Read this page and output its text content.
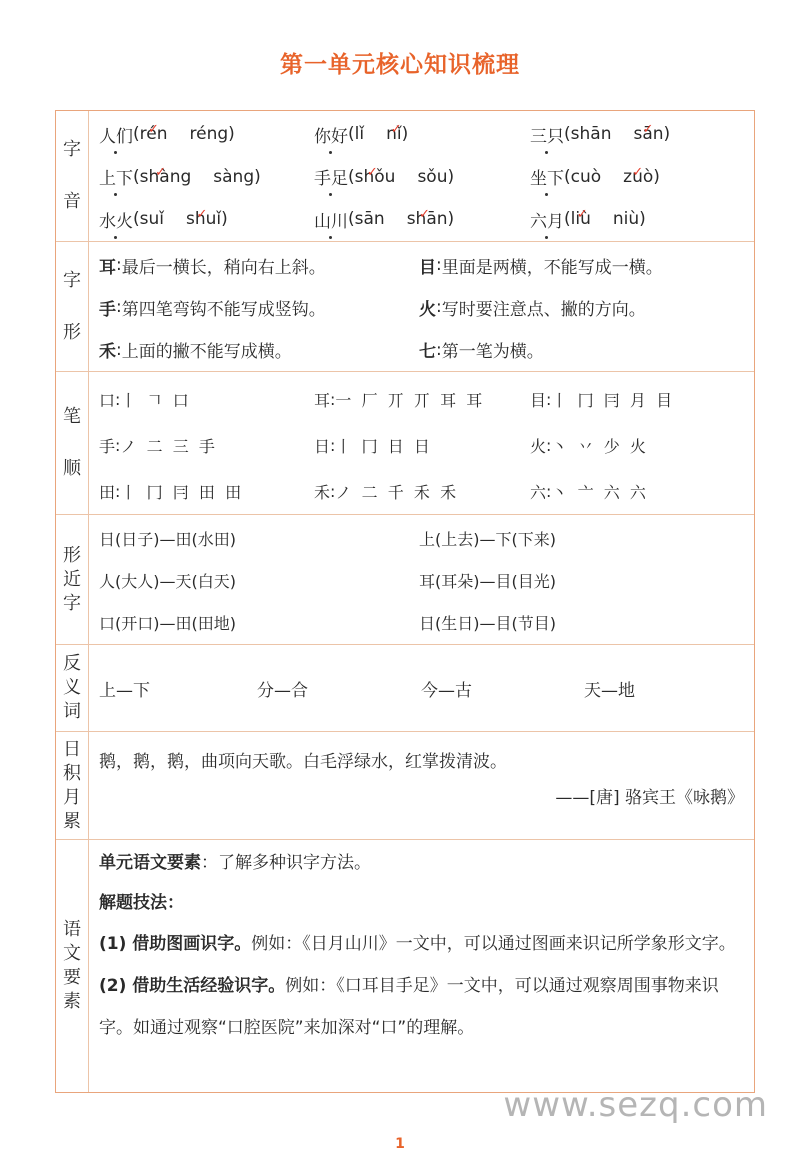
第一单元核心知识梳理
字
音
人们 ( rén ✓ réng )	你好 ( lǐ nǐ ✓ )	三只 ( shān sān ✓ )
上下 ( shàng ✓ sàng )	手足 ( shǒu ✓ sǒu )	坐下 ( cuò zuò ✓ )
水火 ( suǐ shuǐ ✓ )	山川 ( sān shān ✓ )	六月 ( liù ✓ niù )
字
形
耳 : 最后一横长，稍向右上斜。	目 : 里面是两横，不能写成一横。
手 : 第四笔弯钩不能写成竖钩。	火 : 写时要注意点、撇的方向。
禾 : 上面的撇不能写成横。	七 : 第一笔为横。
笔
顺
口 : 丨  𠃍  口	耳 : 一  厂  丌  丌  耳  耳	目 : 丨  冂  冃  月  目
手 : ノ  二  三  手	日 : 丨  冂  日  日	火 : 丶  丷  少  火
田 : 丨  冂  冃  田  田	禾 : ノ  二  千  禾  禾	六 : 丶  亠  六  六
形
近
字
日(日子)—田(水田)	上(上去)—下(下来)
人(大人)—天(白天)	耳(耳朵)—目(目光)
口(开口)—田(田地)	日(生日)—目(节目)
反
义
词
上—下	分—合	今—古	天—地
日
积
月
累
鹅，鹅，鹅，曲项向天歌。白毛浮绿水，红掌拨清波。
——[唐] 骆宾王《咏鹅》
语
文
要
素
单元语文要素：了解多种识字方法。
解题技法：
(1) 借助图画识字。例如：《日月山川》一文中，可以通过图画来识记所学象形文字。
(2) 借助生活经验识字。例如：《口耳目手足》一文中，可以通过观察周围事物来识字。如通过观察“口腔医院”来加深对“口”的理解。
www.sezq.com
1
